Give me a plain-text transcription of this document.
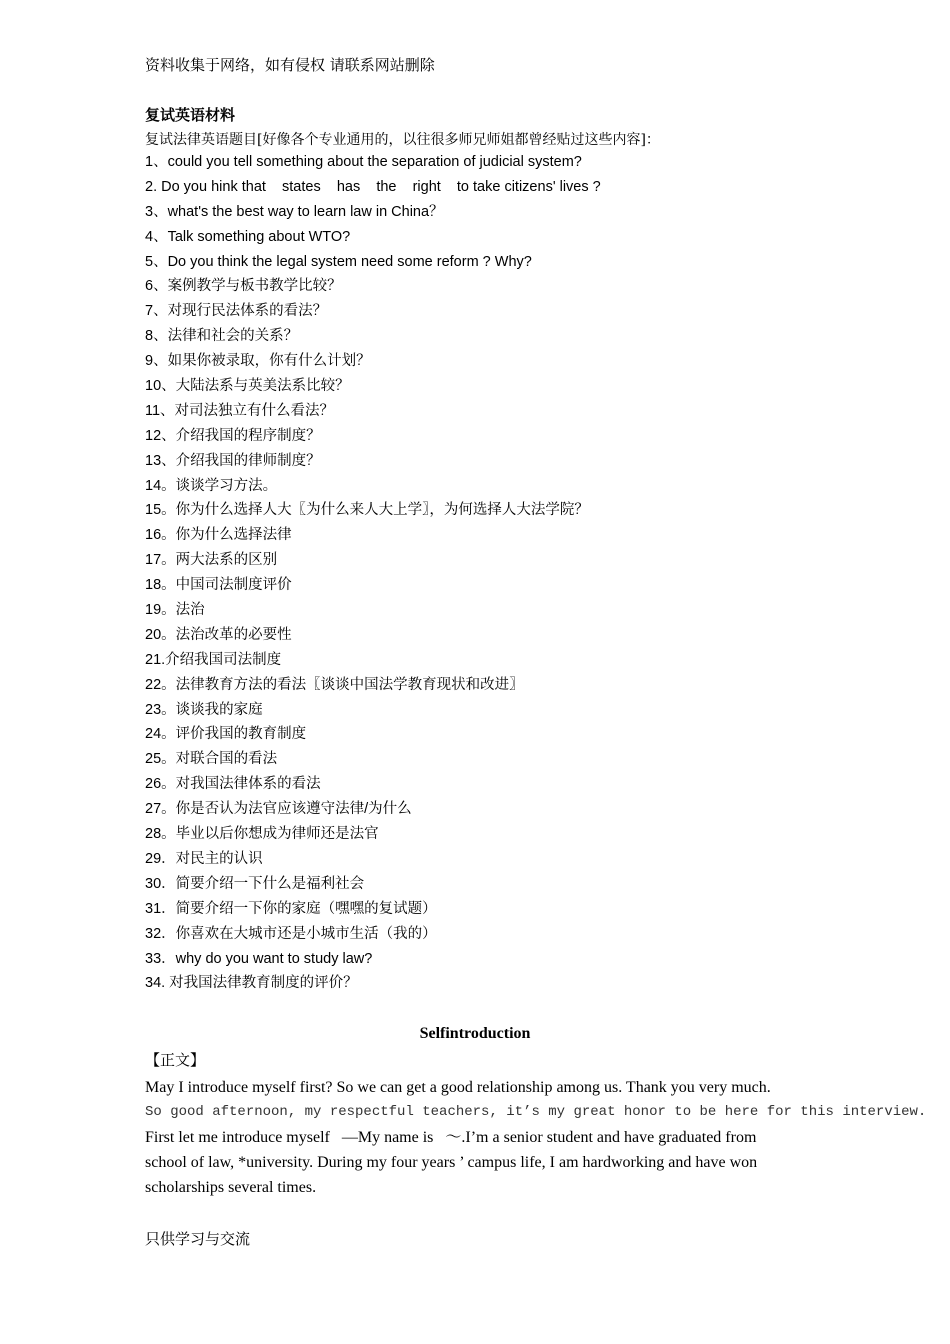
资料收集于网络，如有侵权 请联系网站删除
复试英语材料
复试法律英语题目[好像各个专业通用的，以往很多师兄师姐都曾经贴过这些内容]：
1、could you tell something about the separation of judicial system?
2. Do you hink that    states    has    the    right    to take citizens' lives ?
3、what's the best way to learn law in China？
4、Talk something about WTO?
5、Do you think the legal system need some reform ? Why?
6、案例教学与板书教学比较？
7、对现行民法体系的看法？
8、法律和社会的关系？
9、如果你被录取，你有什么计划？
10、大陆法系与英美法系比较？
11、对司法独立有什么看法？
12、介绍我国的程序制度？
13、介绍我国的律师制度？
14。谈谈学习方法。
15。你为什么选择人大〖为什么来人大上学〗，为何选择人大法学院？
16。你为什么选择法律
17。两大法系的区别
18。中国司法制度评价
19。法治
20。法治改革的必要性
21.介绍我国司法制度
22。法律教育方法的看法〖谈谈中国法学教育现状和改进〗
23。谈谈我的家庭
24。评价我国的教育制度
25。对联合国的看法
26。对我国法律体系的看法
27。你是否认为法官应该遵守法律/为什么
28。毕业以后你想成为律师还是法官
29．对民主的认识
30．简要介绍一下什么是福利社会
31．简要介绍一下你的家庭（嘿嘿的复试题）
32．你喜欢在大城市还是小城市生活（我的）
33．why do you want to study law?
34. 对我国法律教育制度的评价？
Selfintroduction
【正文】
May I introduce myself first? So we can get a good relationship among us. Thank you very much.
So good afternoon, my respectful teachers, it’s my great honor to be here for this interview.
First let me introduce myself   —My name is   ～.I’m a senior student and have graduated from
school of law, *university. During my four years ’ campus life, I am hardworking and have won
scholarships several times.
只供学习与交流
